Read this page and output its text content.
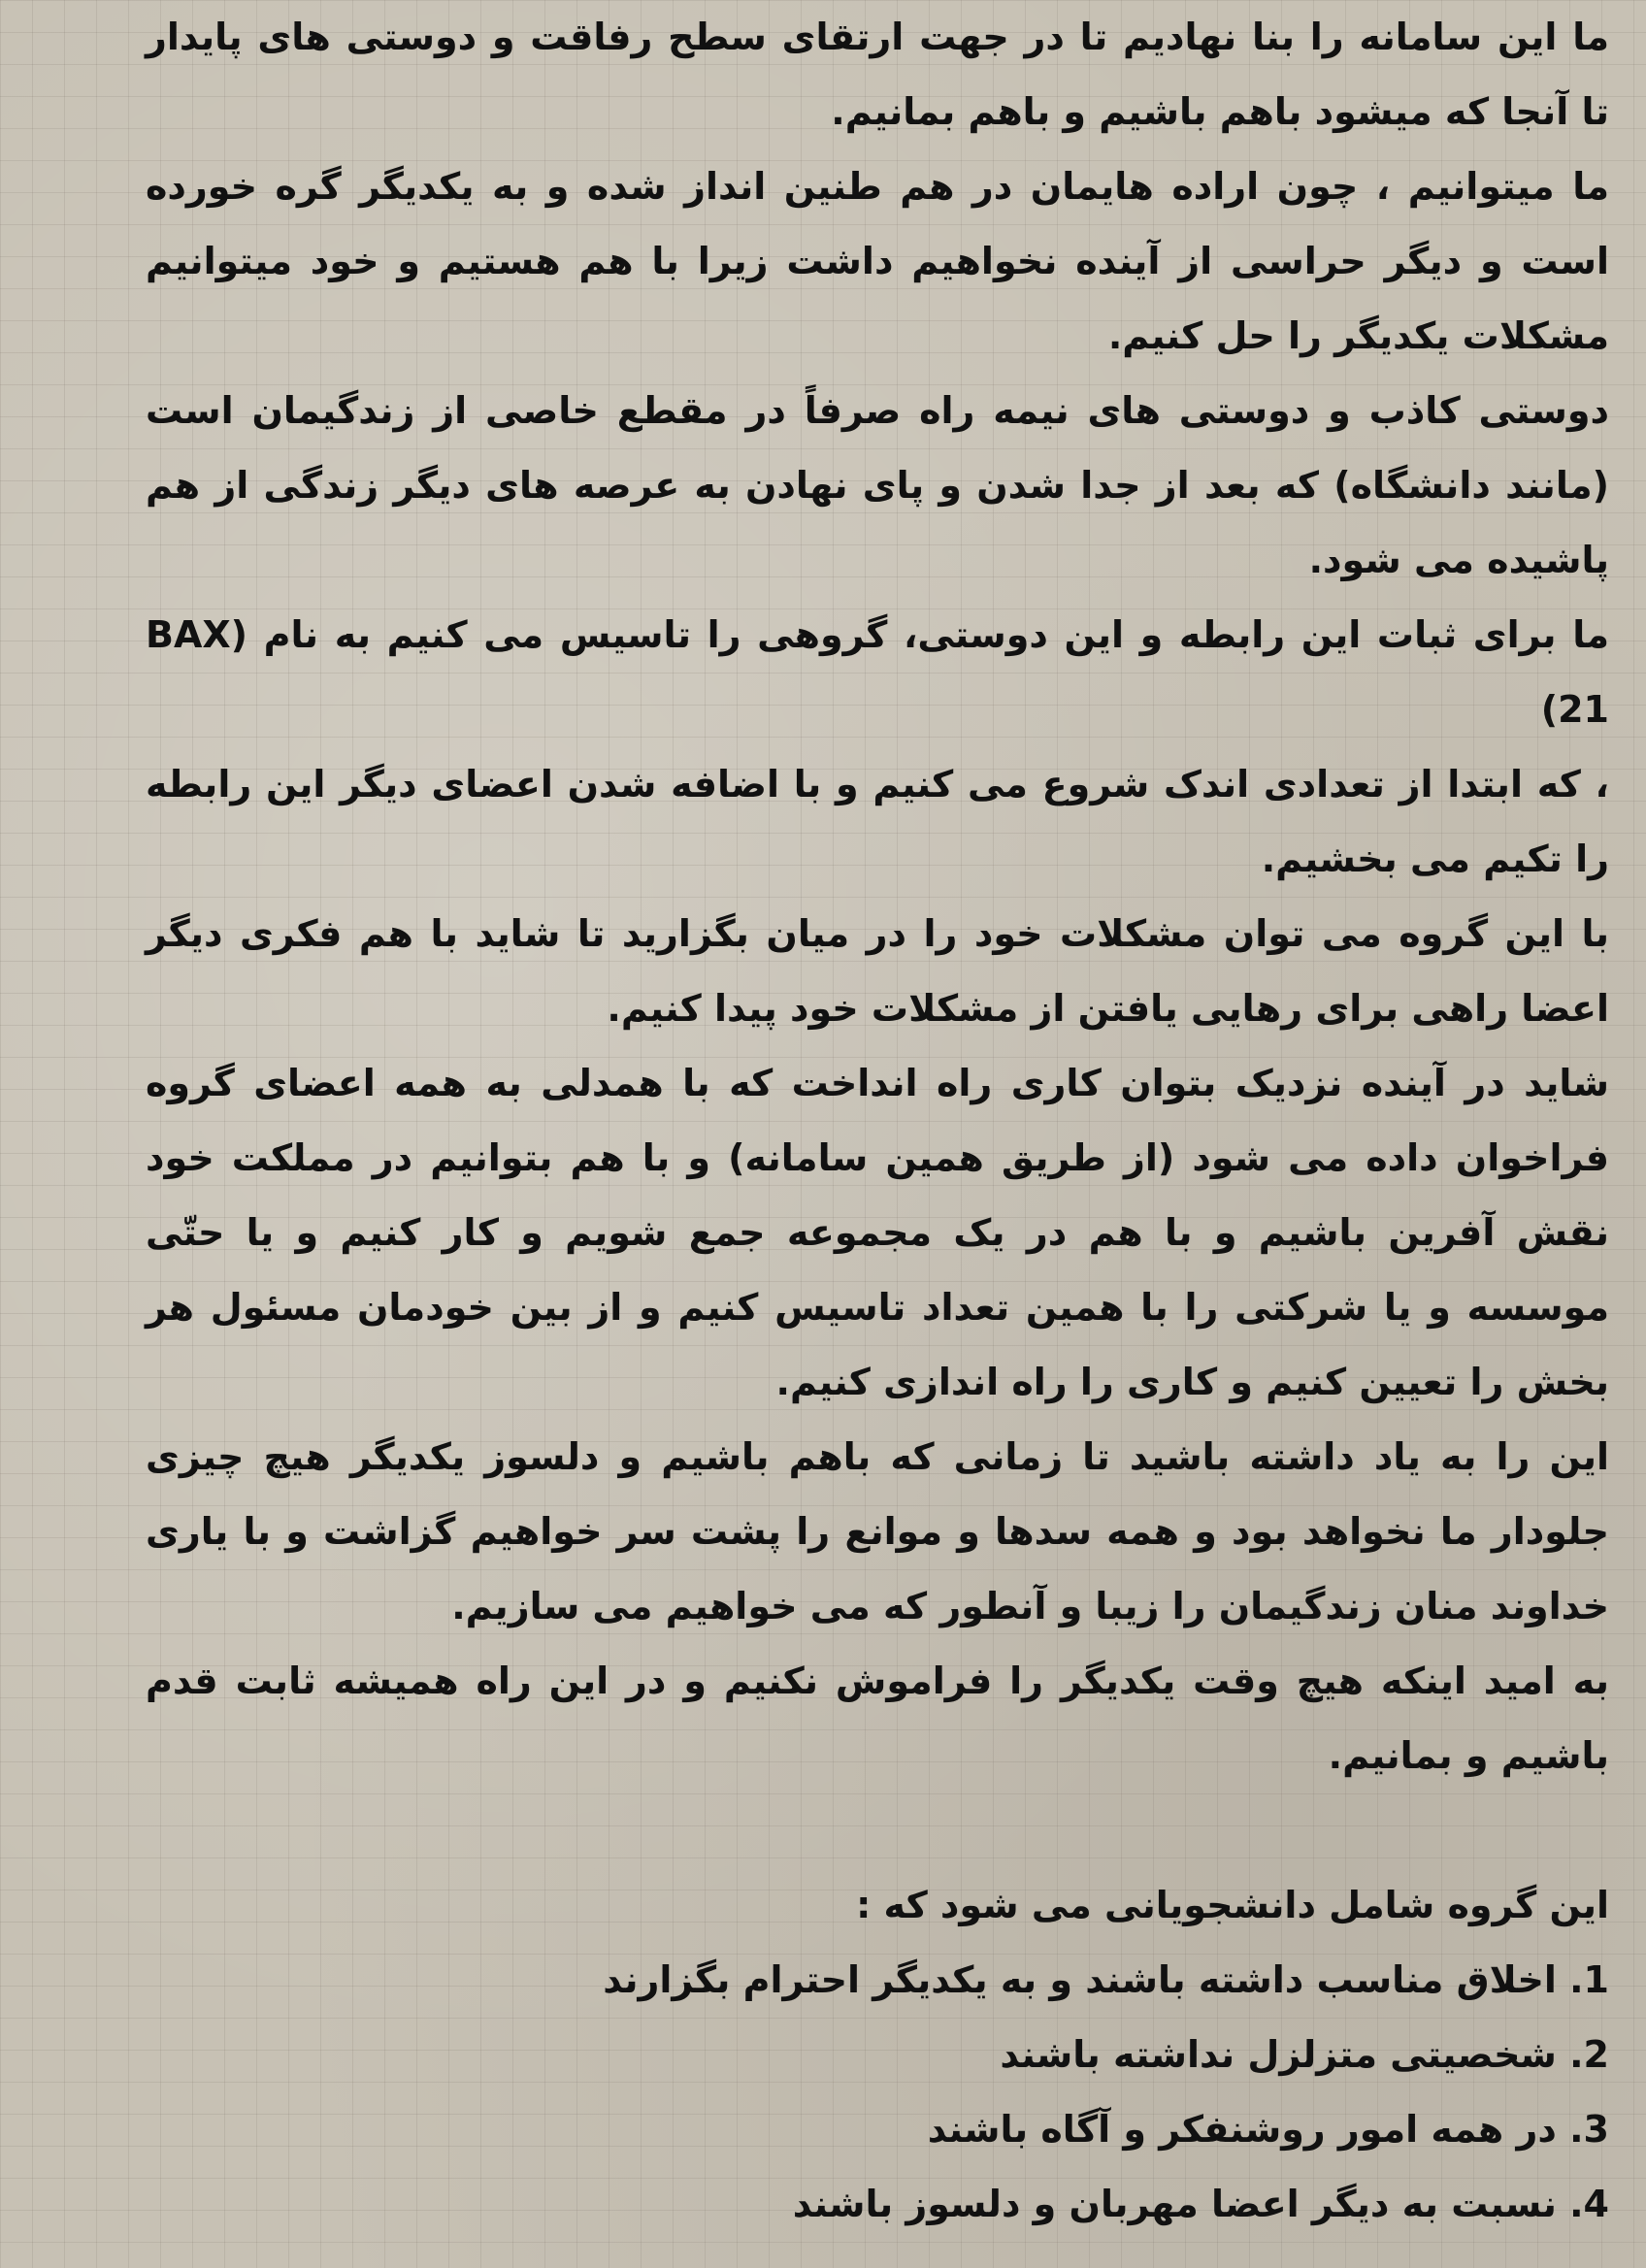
ما این سامانه را بنا نهادیم تا در جهت ارتقای سطح رفاقت و دوستی های پایدار تا آنجا که میشود باهم باشیم و باهم بمانیم.

ما میتوانیم ، چون اراده هایمان در هم طنین انداز شده و به یکدیگر گره خورده است و دیگر حراسی از آینده نخواهیم داشت زیرا با هم هستیم و خود میتوانیم مشکلات یکدیگر را حل کنیم.

دوستی کاذب و دوستی های نیمه راه صرفاً در مقطع خاصی از زندگیمان است (مانند دانشگاه) که بعد از جدا شدن و پای نهادن به عرصه های دیگر زندگی از هم پاشیده می شود.

ما برای ثبات این رابطه و این دوستی، گروهی را تاسیس می کنیم به نام (BAX 21)

، که ابتدا از تعدادی اندک شروع می کنیم و با اضافه شدن اعضای دیگر این رابطه را تکیم می بخشیم.

با این گروه می توان مشکلات خود را در میان بگزارید تا شاید با هم فکری دیگر اعضا راهی برای رهایی یافتن از مشکلات خود پیدا کنیم.

شاید در آینده نزدیک بتوان کاری راه انداخت که با همدلی به همه اعضای گروه فراخوان داده می شود (از طریق همین سامانه) و با هم بتوانیم در مملکت خود نقش آفرین باشیم و با هم در یک مجموعه جمع شویم و کار کنیم و یا حتّی موسسه و یا شرکتی را با همین تعداد تاسیس کنیم و از بین خودمان مسئول هر بخش را تعیین کنیم و کاری را راه اندازی کنیم.

این را به یاد داشته باشید تا زمانی که باهم باشیم و دلسوز یکدیگر هیچ چیزی جلودار ما نخواهد بود و همه سدها و موانع را پشت سر خواهیم گزاشت و با یاری خداوند منان زندگیمان را زیبا و آنطور که می خواهیم می سازیم.

به امید اینکه هیچ وقت یکدیگر را فراموش نکنیم و در این راه همیشه ثابت قدم باشیم و بمانیم.

این گروه شامل دانشجویانی می شود که :

1. اخلاق مناسب داشته باشند و به یکدیگر احترام بگزارند

2. شخصیتی متزلزل نداشته باشند

3. در همه امور روشنفکر و آگاه باشند

4. نسبت به دیگر اعضا مهربان و دلسوز باشند
